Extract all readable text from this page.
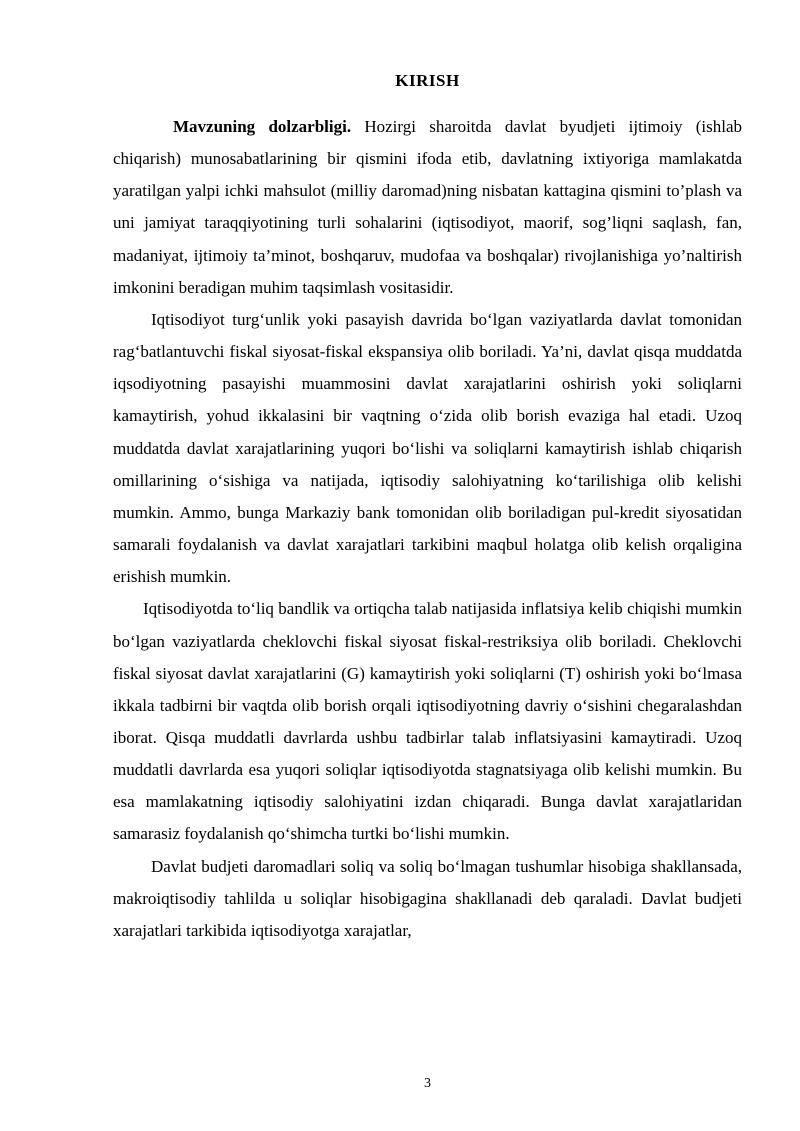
KIRISH

Mavzuning dolzarbligi. Hozirgi sharoitda davlat byudjeti ijtimoiy (ishlab chiqarish) munosabatlarining bir qismini ifoda etib, davlatning ixtiyoriga mamlakatda yaratilgan yalpi ichki mahsulot (milliy daromad)ning nisbatan kattagina qismini to’plash va uni jamiyat taraqqiyotining turli sohalarini (iqtisodiyot, maorif, sog’liqni saqlash, fan, madaniyat, ijtimoiy ta’minot, boshqaruv, mudofaa va boshqalar) rivojlanishiga yo’naltirish imkonini beradigan muhim taqsimlash vositasidir.

Iqtisodiyot turg‘unlik yoki pasayish davrida bo‘lgan vaziyatlarda davlat tomonidan rag‘batlantuvchi fiskal siyosat-fiskal ekspansiya olib boriladi. Ya’ni, davlat qisqa muddatda iqsodiyotning pasayishi muammosini davlat xarajatlarini oshirish yoki soliqlarni kamaytirish, yohud ikkalasini bir vaqtning o‘zida olib borish evaziga hal etadi. Uzoq muddatda davlat xarajatlarining yuqori bo‘lishi va soliqlarni kamaytirish ishlab chiqarish omillarining o‘sishiga va natijada, iqtisodiy salohiyatning ko‘tarilishiga olib kelishi mumkin. Ammo, bunga Markaziy bank tomonidan olib boriladigan pul-kredit siyosatidan samarali foydalanish va davlat xarajatlari tarkibini maqbul holatga olib kelish orqaligina erishish mumkin.

Iqtisodiyotda to‘liq bandlik va ortiqcha talab natijasida inflatsiya kelib chiqishi mumkin bo‘lgan vaziyatlarda cheklovchi fiskal siyosat fiskal-restriksiya olib boriladi. Cheklovchi fiskal siyosat davlat xarajatlarini (G) kamaytirish yoki soliqlarni (T) oshirish yoki bo‘lmasa ikkala tadbirni bir vaqtda olib borish orqali iqtisodiyotning davriy o‘sishini chegaralashdan iborat. Qisqa muddatli davrlarda ushbu tadbirlar talab inflatsiyasini kamaytiradi. Uzoq muddatli davrlarda esa yuqori soliqlar iqtisodiyotda stagnatsiyaga olib kelishi mumkin. Bu esa mamlakatning iqtisodiy salohiyatini izdan chiqaradi. Bunga davlat xarajatlaridan samarasiz foydalanish qo‘shimcha turtki bo‘lishi mumkin.

Davlat budjeti daromadlari soliq va soliq bo‘lmagan tushumlar hisobiga shakllansada, makroiqtisodiy tahlilda u soliqlar hisobigagina shakllanadi deb qaraladi. Davlat budjeti xarajatlari tarkibida iqtisodiyotga xarajatlar,

3
